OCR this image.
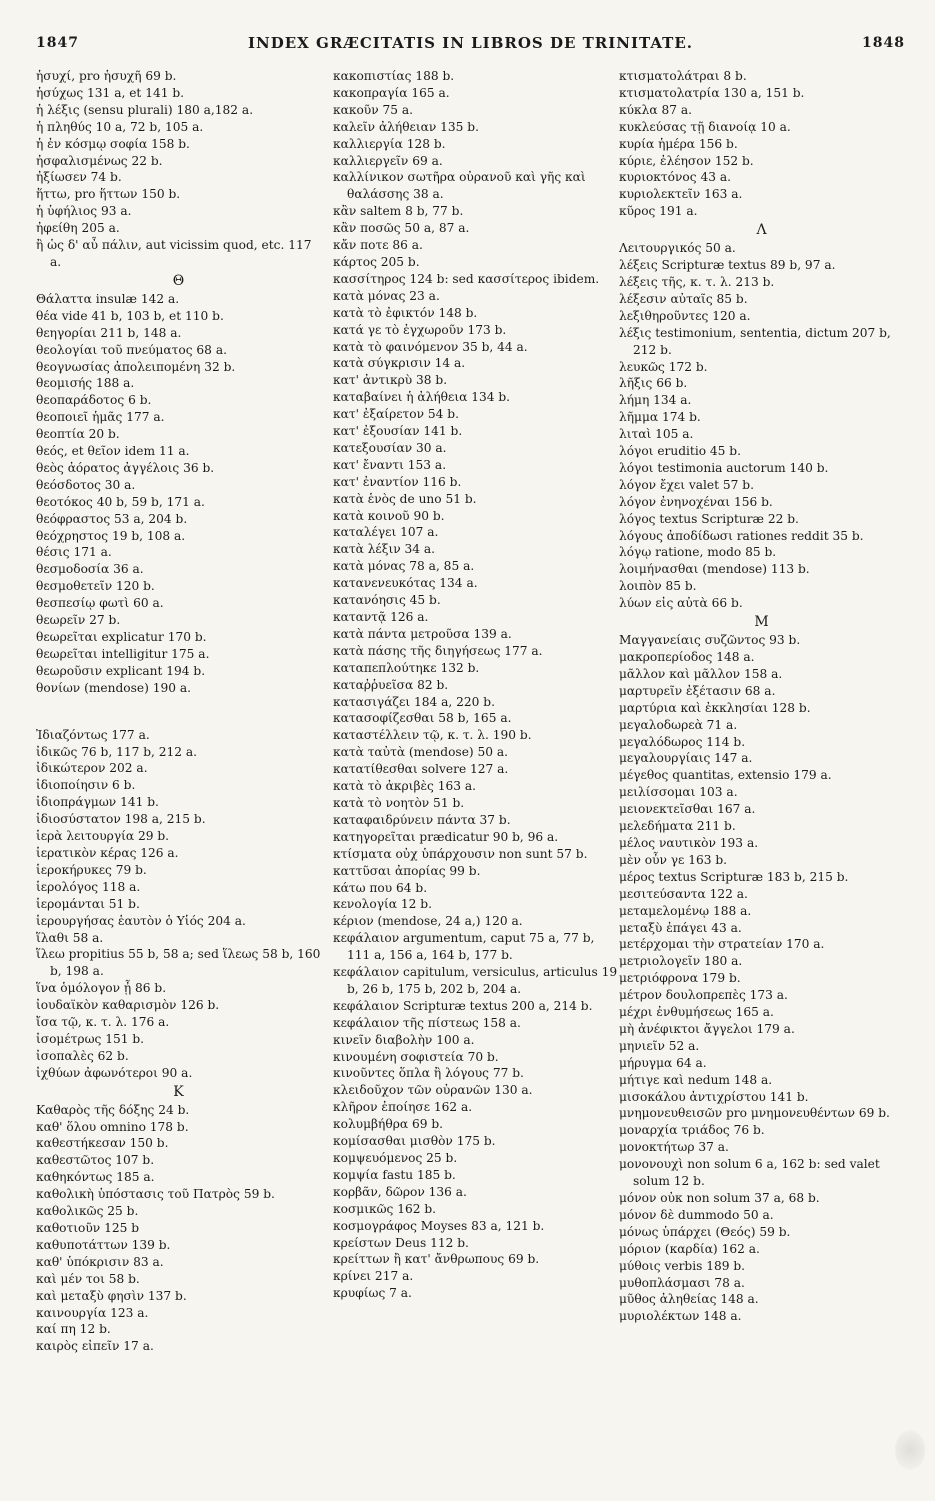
1847	INDEX GRÆCITATIS IN LIBROS DE TRINITATE.	1848
ἡσυχί, pro ἡσυχῆ 69 b.
ἡσύχως 131 a, et 141 b.
ἡ λέξις (sensu plurali) 180 a,182 a.
ἡ πληθύς 10 a, 72 b, 105 a.
ἡ ἐν κόσμῳ σοφία 158 b.
ἠσφαλισμένως 22 b.
ἠξίωσεν 74 b.
ἥττω, pro ἥττων 150 b.
ἡ ὑφήλιος 93 a.
ἠφείθη 205 a.
ἢ ὡς δ' αὖ πάλιν, aut vicissim quod, etc. 117 a.
Θ
Θάλαττα insulæ 142 a.
θέα vide 41 b, 103 b, et 110 b.
θεηγορίαι 211 b, 148 a.
θεολογίαι τοῦ πνεύματος 68 a.
θεογνωσίας ἀπολειπομένη 32 b.
θεομισής 188 a.
θεοπαράδοτος 6 b.
θεοποιεῖ ἡμᾶς 177 a.
θεοπτία 20 b.
θεός, et θεῖον idem 11 a.
θεὸς ἀόρατος ἀγγέλοις 36 b.
θεόσδοτος 30 a.
θεοτόκος 40 b, 59 b, 171 a.
θεόφραστος 53 a, 204 b.
θεόχρηστος 19 b, 108 a.
θέσις 171 a.
θεσμοδοσία 36 a.
θεσμοθετεῖν 120 b.
θεσπεσίῳ φωτὶ 60 a.
θεωρεῖν 27 b.
θεωρεῖται explicatur 170 b.
θεωρεῖται intelligitur 175 a.
θεωροῦσιν explicant 194 b.
θονίων (mendose) 190 a.
Ἰδιαζόντως 177 a.
ἰδικῶς 76 b, 117 b, 212 a.
ἰδικώτερον 202 a.
ἰδιοποίησιν 6 b.
ἰδιοπράγμων 141 b.
ἰδιοσύστατον 198 a, 215 b.
ἱερὰ λειτουργία 29 b.
ἱερατικὸν κέρας 126 a.
ἱεροκήρυκες 79 b.
ἱερολόγος 118 a.
ἱερομάνται 51 b.
ἱερουργήσας ἑαυτὸν ὁ Υἱός 204 a.
ἵλαθι 58 a.
ἵλεω propitius 55 b, 58 a; sed ἵλεως 58 b, 160 b, 198 a.
ἵνα ὁμόλογον ᾖ 86 b.
ἰουδαϊκὸν καθαρισμὸν 126 b.
ἴσα τῷ, κ. τ. λ. 176 a.
ἰσομέτρως 151 b.
ἰσοπαλὲς 62 b.
ἰχθύων ἀφωνότεροι 90 a.
Κ
Καθαρὸς τῆς δόξης 24 b.
καθ' ὅλου omnino 178 b.
καθεστήκεσαν 150 b.
καθεστῶτος 107 b.
καθηκόντως 185 a.
καθολικὴ ὑπόστασις τοῦ Πατρὸς 59 b.
καθολικῶς 25 b.
καθοτιοῦν 125 b
καθυποτάττων 139 b.
καθ' ὑπόκρισιν 83 a.
καὶ μέν τοι 58 b.
καὶ μεταξὺ φησὶν 137 b.
καινουργία 123 a.
καί πη 12 b.
καιρὸς εἰπεῖν 17 a.
κακοπιστίας 188 b.
κακοπραγία 165 a.
κακοῦν 75 a.
καλεῖν ἀλήθειαν 135 b.
καλλιεργία 128 b.
καλλιεργεῖν 69 a.
καλλίνικον σωτῆρα οὐρανοῦ καὶ γῆς καὶ θαλάσσης 38 a.
κἂν saltem 8 b, 77 b.
κἂν ποσῶς 50 a, 87 a.
κἄν ποτε 86 a.
κάρτος 205 b.
κασσίτηρος 124 b: sed κασσίτερος ibidem.
κατὰ μόνας 23 a.
κατὰ τὸ ἐφικτόν 148 b.
κατά γε τὸ ἐγχωροῦν 173 b.
κατὰ τὸ φαινόμενον 35 b, 44 a.
κατὰ σύγκρισιν 14 a.
κατ' ἀντικρὺ 38 b.
καταβαίνει ἡ ἀλήθεια 134 b.
κατ' ἐξαίρετον 54 b.
κατ' ἐξουσίαν 141 b.
κατεξουσίαν 30 a.
κατ' ἔναντι 153 a.
κατ' ἐναντίον 116 b.
κατὰ ἑνὸς de uno 51 b.
κατὰ κοινοῦ 90 b.
καταλέγει 107 a.
κατὰ λέξιν 34 a.
κατὰ μόνας 78 a, 85 a.
κατανενευκότας 134 a.
κατανόησις 45 b.
καταντᾷ 126 a.
κατὰ πάντα μετροῦσα 139 a.
κατὰ πάσης τῆς διηγήσεως 177 a.
καταπεπλούτηκε 132 b.
καταῤῥυεῖσα 82 b.
κατασιγάζει 184 a, 220 b.
κατασοφίζεσθαι 58 b, 165 a.
καταστέλλειν τῷ, κ. τ. λ. 190 b.
κατὰ ταὐτὰ (mendose) 50 a.
κατατίθεσθαι solvere 127 a.
κατὰ τὸ ἀκριβὲς 163 a.
κατὰ τὸ νοητὸν 51 b.
καταφαιδρύνειν πάντα 37 b.
κατηγορεῖται prædicatur 90 b, 96 a.
κτίσματα οὐχ ὑπάρχουσιν non sunt 57 b.
καττῦσαι ἀπορίας 99 b.
κάτω που 64 b.
κενολογία 12 b.
κέριον (mendose, 24 a,) 120 a.
κεφάλαιον argumentum, caput 75 a, 77 b, 111 a, 156 a, 164 b, 177 b.
κεφάλαιον capitulum, versiculus, articulus 19 b, 26 b, 175 b, 202 b, 204 a.
κεφάλαιον Scripturæ textus 200 a, 214 b.
κεφάλαιον τῆς πίστεως 158 a.
κινεῖν διαβολὴν 100 a.
κινουμένη σοφιστεία 70 b.
κινοῦντες ὅπλα ἢ λόγους 77 b.
κλειδοῦχον τῶν οὐρανῶν 130 a.
κλῆρον ἐποίησε 162 a.
κολυμβήθρα 69 b.
κομίσασθαι μισθὸν 175 b.
κομψευόμενος 25 b.
κομψία fastu 185 b.
κορβᾶν, δῶρον 136 a.
κοσμικῶς 162 b.
κοσμογράφος Moyses 83 a, 121 b.
κρείστων Deus 112 b.
κρείττων ἢ κατ' ἄνθρωπους 69 b.
κρίνει 217 a.
κρυφίως 7 a.
κτισματολάτραι 8 b.
κτισματολατρία 130 a, 151 b.
κύκλα 87 a.
κυκλεύσας τῇ διανοίᾳ 10 a.
κυρία ἡμέρα 156 b.
κύριε, ἐλέησον 152 b.
κυριοκτόνος 43 a.
κυριολεκτεῖν 163 a.
κῦρος 191 a.
Λ
Λειτουργικός 50 a.
λέξεις Scripturæ textus 89 b, 97 a.
λέξεις τῆς, κ. τ. λ. 213 b.
λέξεσιν αὐταῖς 85 b.
λεξιθηροῦντες 120 a.
λέξις testimonium, sententia, dictum 207 b, 212 b.
λευκῶς 172 b.
λῆξις 66 b.
λήμη 134 a.
λῆμμα 174 b.
λιταὶ 105 a.
λόγοι eruditio 45 b.
λόγοι testimonia auctorum 140 b.
λόγον ἔχει valet 57 b.
λόγον ἐνηνοχέναι 156 b.
λόγος textus Scripturæ 22 b.
λόγους ἀποδίδωσι rationes reddit 35 b.
λόγῳ ratione, modo 85 b.
λοιμήνασθαι (mendose) 113 b.
λοιπὸν 85 b.
λύων εἰς αὐτὰ 66 b.
Μ
Μαγγανείαις συζῶντος 93 b.
μακροπερίοδος 148 a.
μᾶλλον καὶ μᾶλλον 158 a.
μαρτυρεῖν ἐξέτασιν 68 a.
μαρτύρια καὶ ἐκκλησίαι 128 b.
μεγαλοδωρεὰ 71 a.
μεγαλόδωρος 114 b.
μεγαλουργίαις 147 a.
μέγεθος quantitas, extensio 179 a.
μειλίσσομαι 103 a.
μειονεκτεῖσθαι 167 a.
μελεδήματα 211 b.
μέλος ναυτικὸν 193 a.
μὲν οὖν γε 163 b.
μέρος textus Scripturæ 183 b, 215 b.
μεσιτεύσαντα 122 a.
μεταμελομένῳ 188 a.
μεταξὺ ἐπάγει 43 a.
μετέρχομαι τὴν στρατείαν 170 a.
μετριολογεῖν 180 a.
μετριόφρονα 179 b.
μέτρον δουλοπρεπὲς 173 a.
μέχρι ἐνθυμήσεως 165 a.
μὴ ἀνέφικτοι ἄγγελοι 179 a.
μηνιεῖν 52 a.
μήρυγμα 64 a.
μήτιγε καὶ nedum 148 a.
μισοκάλου ἀντιχρίστου 141 b.
μνημονευθεισῶν pro μνημονευθέντων 69 b.
μοναρχία τριάδος 76 b.
μονοκτήτωρ 37 a.
μονονουχὶ non solum 6 a, 162 b: sed valet solum 12 b.
μόνον οὐκ non solum 37 a, 68 b.
μόνον δὲ dummodo 50 a.
μόνως ὑπάρχει (Θεός) 59 b.
μόριον (καρδία) 162 a.
μύθοις verbis 189 b.
μυθοπλάσμασι 78 a.
μῦθος ἀληθείας 148 a.
μυριολέκτων 148 a.
